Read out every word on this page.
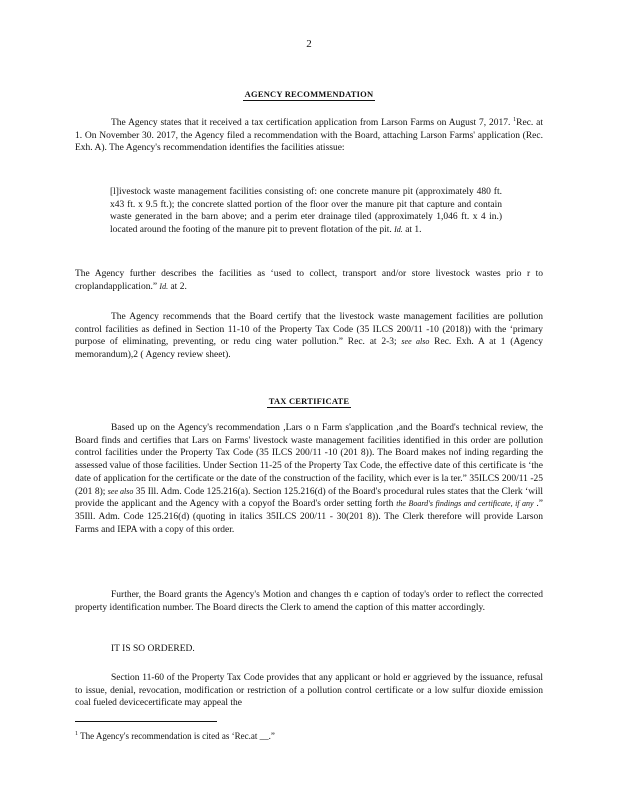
2
AGENCY RECOMMENDATION

The Agency states that it received a tax certification application from Larson Farms on August 7, 2017. $^1$Rec. at 1. On November 30. 2017, the Agency filed a recommendation with the Board, attaching Larson Farms' application (Rec. Exh. A). The Agency's recommendation identifies the facilities atissue:

[l]ivestock waste management facilities consisting of: one concrete manure pit (approximately 480 ft. x43 ft. x 9.5 ft.); the concrete slatted portion of the floor over the manure pit that capture and contain waste generated in the barn above; and a perim eter drainage tiled (approximately 1,046 ft. x 4 in.) located around the footing of the manure pit to prevent flotation of the pit. Id. at 1.

The Agency further describes the facilities as ‘used to collect, transport and/or store livestock wastes prio r to croplandapplication.” Id. at 2.

The Agency recommends that the Board certify that the livestock waste management facilities are pollution control facilities as defined in Section 11-10 of the Property Tax Code (35 ILCS 200/11 -10 (2018)) with the ‘primary purpose of eliminating, preventing, or redu cing water pollution.” Rec. at 2-3; see also Rec. Exh. A at 1 (Agency memorandum),2 ( Agency review sheet).

TAX CERTIFICATE

Based up on the Agency's recommendation ,Lars o n Farm s'application ,and the Board's technical review, the Board finds and certifies that Lars on Farms' livestock waste management facilities identified in this order are pollution control facilities under the Property Tax Code (35 ILCS 200/11 -10 (201 8)). The Board makes nof inding regarding the assessed value of those facilities. Under Section 11-25 of the Property Tax Code, the effective date of this certificate is ‘the date of application for the certificate or the date of the construction of the facility, which ever is la ter.” 35ILCS 200/11 -25 (201 8); see also 35 Ill. Adm. Code 125.216(a). Section 125.216(d) of the Board's procedural rules states that the Clerk ‘will provide the applicant and the Agency with a copyof the Board's order setting forth the Board's findings and certificate, if any .” 35Ill. Adm. Code 125.216(d) (quoting in italics 35ILCS 200/11 - 30(201 8)). The Clerk therefore will provide Larson Farms and IEPA with a copy of this order.

Further, the Board grants the Agency's Motion and changes th e caption of today's order to reflect the corrected property identification number. The Board directs the Clerk to amend the caption of this matter accordingly.

IT IS SO ORDERED.

Section 11-60 of the Property Tax Code provides that any applicant or hold er aggrieved by the issuance, refusal to issue, denial, revocation, modification or restriction of a pollution control certificate or a low sulfur dioxide emission coal fueled devicecertificate may appeal the

$^1$ The Agency's recommendation is cited as ‘Rec.at __.”
